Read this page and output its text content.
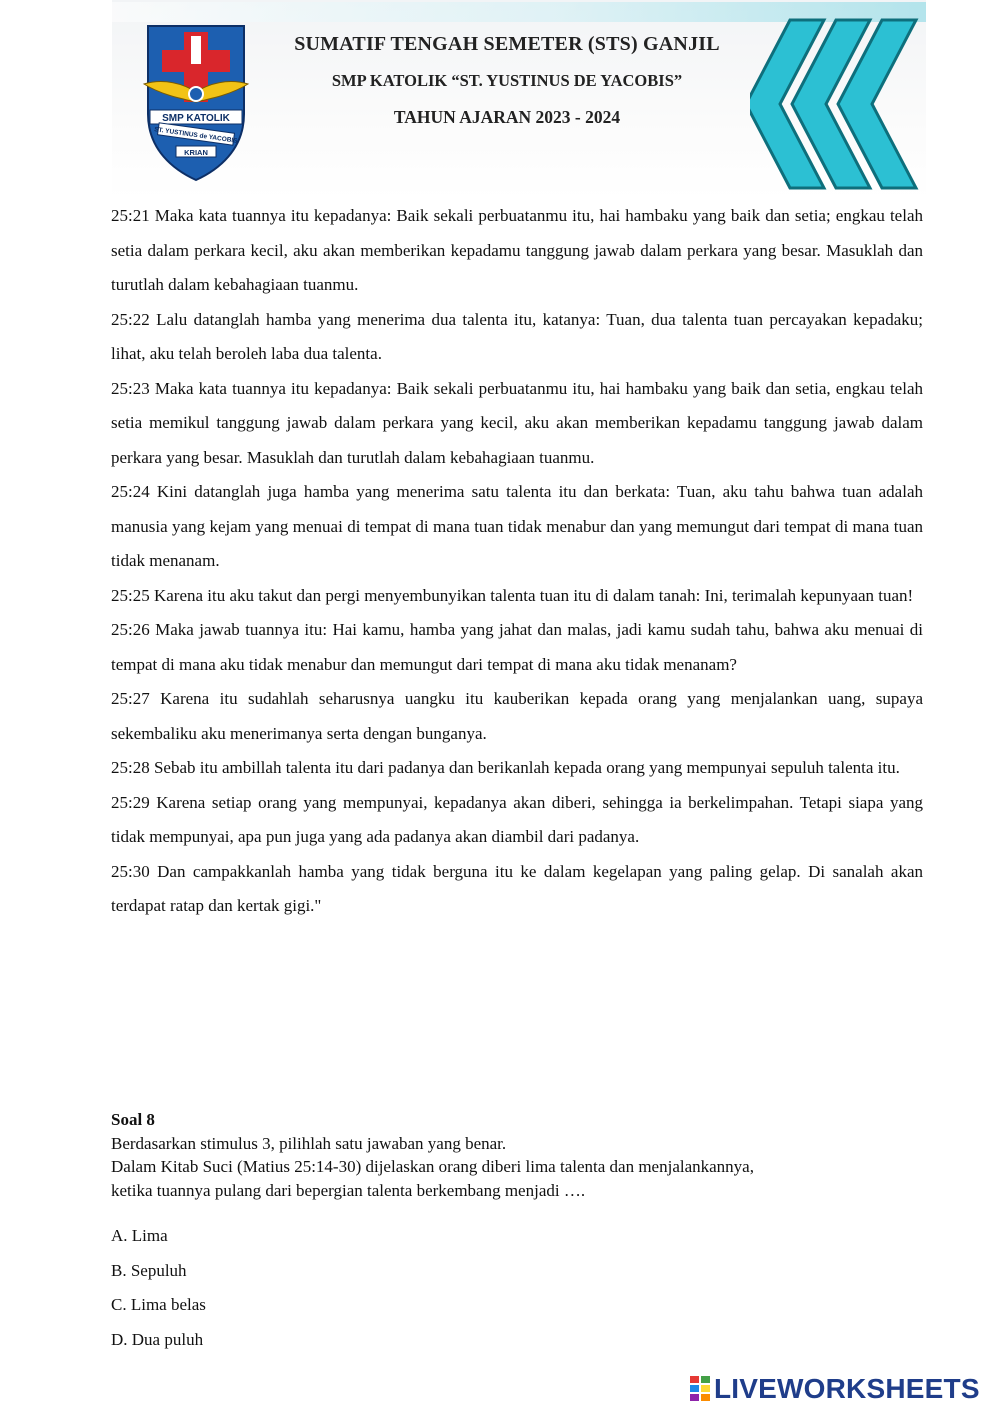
SMP KATOLIK
ST. YUSTINUS de YACOBIS
KRIAN
SUMATIF TENGAH SEMETER (STS) GANJIL
SMP KATOLIK “ST. YUSTINUS DE YACOBIS”
TAHUN AJARAN 2023 - 2024

25:21 Maka kata tuannya itu kepadanya: Baik sekali perbuatanmu itu, hai hambaku yang baik dan setia; engkau telah setia dalam perkara kecil, aku akan memberikan kepadamu tanggung jawab dalam perkara yang besar. Masuklah dan turutlah dalam kebahagiaan tuanmu.

25:22 Lalu datanglah hamba yang menerima dua talenta itu, katanya: Tuan, dua talenta tuan percayakan kepadaku; lihat, aku telah beroleh laba dua talenta.

25:23 Maka kata tuannya itu kepadanya: Baik sekali perbuatanmu itu, hai hambaku yang baik dan setia, engkau telah setia memikul tanggung jawab dalam perkara yang kecil, aku akan memberikan kepadamu tanggung jawab dalam perkara yang besar. Masuklah dan turutlah dalam kebahagiaan tuanmu.

25:24 Kini datanglah juga hamba yang menerima satu talenta itu dan berkata: Tuan, aku tahu bahwa tuan adalah manusia yang kejam yang menuai di tempat di mana tuan tidak menabur dan yang memungut dari tempat di mana tuan tidak menanam.

25:25 Karena itu aku takut dan pergi menyembunyikan talenta tuan itu di dalam tanah: Ini, terimalah kepunyaan tuan!

25:26 Maka jawab tuannya itu: Hai kamu, hamba yang jahat dan malas, jadi kamu sudah tahu, bahwa aku menuai di tempat di mana aku tidak menabur dan memungut dari tempat di mana aku tidak menanam?

25:27 Karena itu sudahlah seharusnya uangku itu kauberikan kepada orang yang menjalankan uang, supaya sekembaliku aku menerimanya serta dengan bunganya.

25:28 Sebab itu ambillah talenta itu dari padanya dan berikanlah kepada orang yang mempunyai sepuluh talenta itu.

25:29 Karena setiap orang yang mempunyai, kepadanya akan diberi, sehingga ia berkelimpahan. Tetapi siapa yang tidak mempunyai, apa pun juga yang ada padanya akan diambil dari padanya.

25:30 Dan campakkanlah hamba yang tidak berguna itu ke dalam kegelapan yang paling gelap. Di sanalah akan terdapat ratap dan kertak gigi."

Soal 8
Berdasarkan stimulus 3, pilihlah satu jawaban yang benar.
Dalam Kitab Suci (Matius 25:14-30) dijelaskan orang diberi lima talenta dan menjalankannya,
ketika tuannya pulang dari bepergian talenta berkembang menjadi ….
A. Lima
B. Sepuluh
C. Lima belas
D. Dua puluh
LIVEWORKSHEETS
